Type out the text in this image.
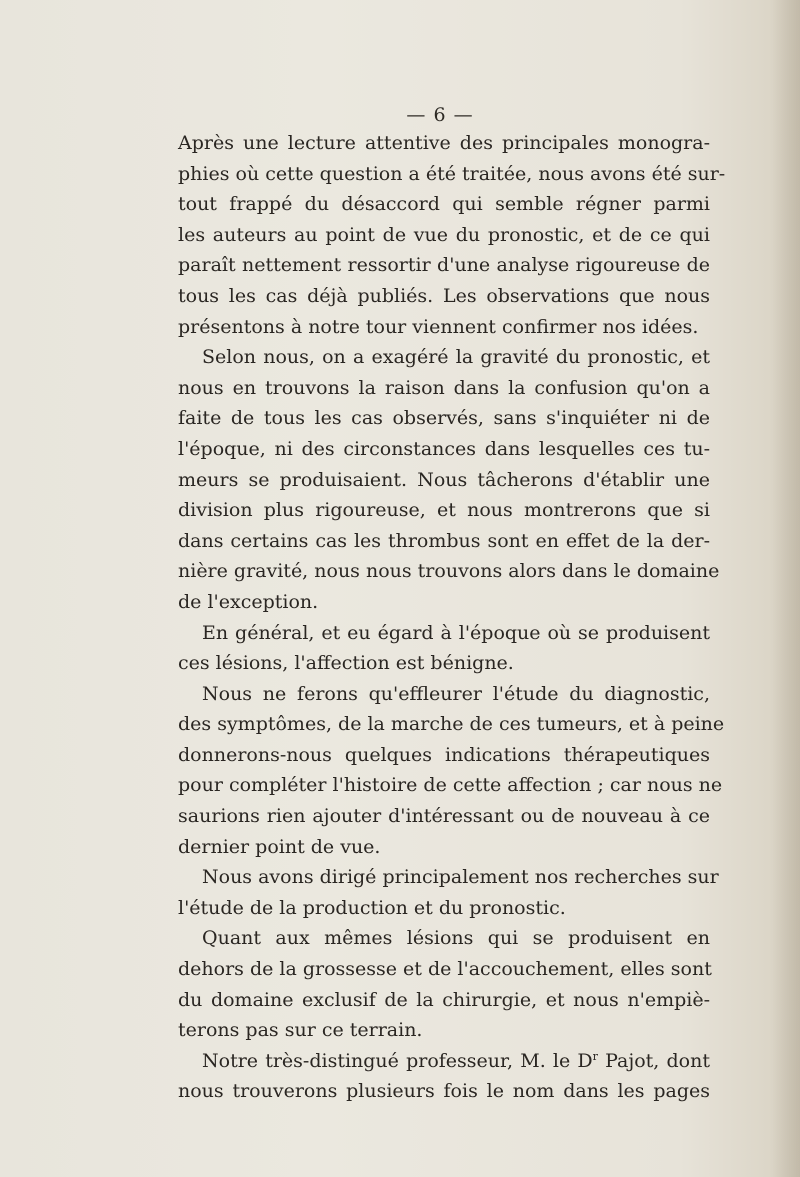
— 6 —
Après une lecture attentive des principales monogra-
phies où cette question a été traitée, nous avons été sur-
tout frappé du désaccord qui semble régner parmi
les auteurs au point de vue du pronostic, et de ce qui
paraît nettement ressortir d'une analyse rigoureuse de
tous les cas déjà publiés. Les observations que nous
présentons à notre tour viennent confirmer nos idées.
Selon nous, on a exagéré la gravité du pronostic, et
nous en trouvons la raison dans la confusion qu'on a
faite de tous les cas observés, sans s'inquiéter ni de
l'époque, ni des circonstances dans lesquelles ces tu-
meurs se produisaient. Nous tâcherons d'établir une
division plus rigoureuse, et nous montrerons que si
dans certains cas les thrombus sont en effet de la der-
nière gravité, nous nous trouvons alors dans le domaine
de l'exception.
En général, et eu égard à l'époque où se produisent
ces lésions, l'affection est bénigne.
Nous ne ferons qu'effleurer l'étude du diagnostic,
des symptômes, de la marche de ces tumeurs, et à peine
donnerons-nous quelques indications thérapeutiques
pour compléter l'histoire de cette affection ; car nous ne
saurions rien ajouter d'intéressant ou de nouveau à ce
dernier point de vue.
Nous avons dirigé principalement nos recherches sur
l'étude de la production et du pronostic.
Quant aux mêmes lésions qui se produisent en
dehors de la grossesse et de l'accouchement, elles sont
du domaine exclusif de la chirurgie, et nous n'empiè-
terons pas sur ce terrain.
Notre très-distingué professeur, M. le $D^r$ Pajot, dont
nous trouverons plusieurs fois le nom dans les pages
